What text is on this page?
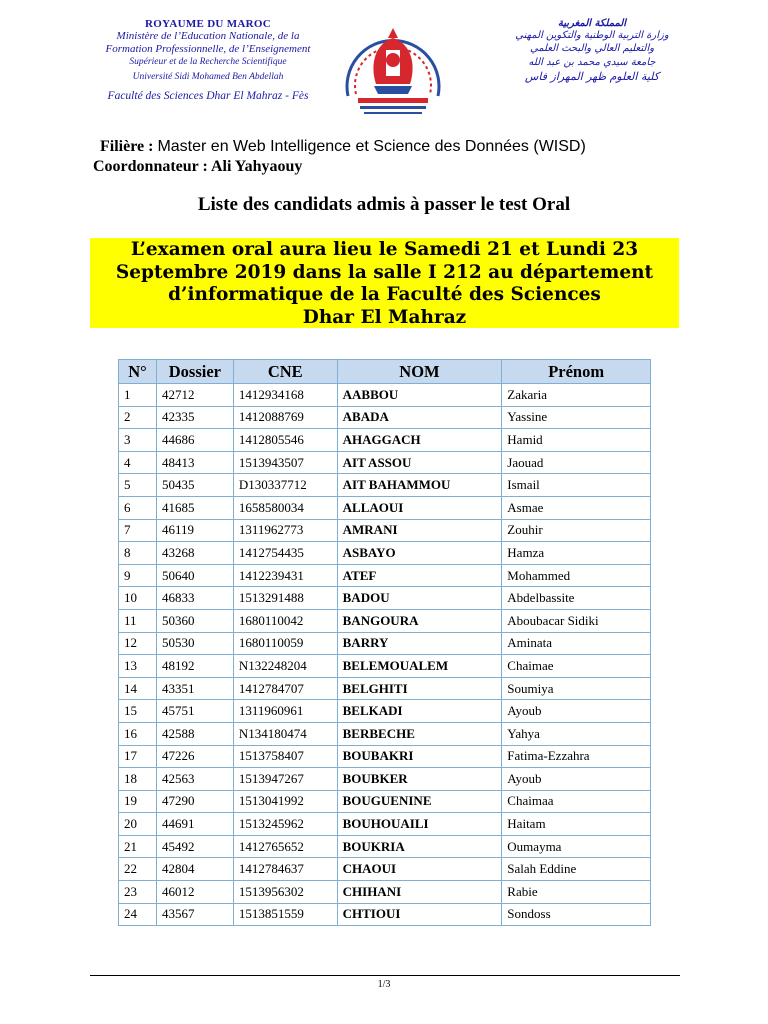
ROYAUME DU MAROC
Ministère de l’Education Nationale, de la
Formation Professionnelle, de l’Enseignement
Supérieur et de la Recherche Scientifique
Université Sidi Mohamed Ben Abdellah
Faculté des Sciences Dhar El Mahraz - Fès
المملكة المغربية
وزارة التربية الوطنية والتكوين المهني
والتعليم العالي والبحث العلمي
جامعة سيدي محمد بن عبد الله
كلية العلوم ظهر المهراز فاس
Filière : Master en Web Intelligence et Science des Données (WISD)
Coordonnateur : Ali Yahyaouy
Liste des candidats admis à passer le test Oral
L’examen oral aura lieu le Samedi 21 et Lundi 23
Septembre 2019 dans la salle I 212 au département
d’informatique de la Faculté des Sciences
Dhar El Mahraz
N°	Dossier	CNE	NOM	Prénom
1	42712	1412934168	AABBOU	Zakaria
2	42335	1412088769	ABADA	Yassine
3	44686	1412805546	AHAGGACH	Hamid
4	48413	1513943507	AIT ASSOU	Jaouad
5	50435	D130337712	AIT BAHAMMOU	Ismail
6	41685	1658580034	ALLAOUI	Asmae
7	46119	1311962773	AMRANI	Zouhir
8	43268	1412754435	ASBAYO	Hamza
9	50640	1412239431	ATEF	Mohammed
10	46833	1513291488	BADOU	Abdelbassite
11	50360	1680110042	BANGOURA	Aboubacar Sidiki
12	50530	1680110059	BARRY	Aminata
13	48192	N132248204	BELEMOUALEM	Chaimae
14	43351	1412784707	BELGHITI	Soumiya
15	45751	1311960961	BELKADI	Ayoub
16	42588	N134180474	BERBECHE	Yahya
17	47226	1513758407	BOUBAKRI	Fatima-Ezzahra
18	42563	1513947267	BOUBKER	Ayoub
19	47290	1513041992	BOUGUENINE	Chaimaa
20	44691	1513245962	BOUHOUAILI	Haitam
21	45492	1412765652	BOUKRIA	Oumayma
22	42804	1412784637	CHAOUI	Salah Eddine
23	46012	1513956302	CHIHANI	Rabie
24	43567	1513851559	CHTIOUI	Sondoss
1/3
